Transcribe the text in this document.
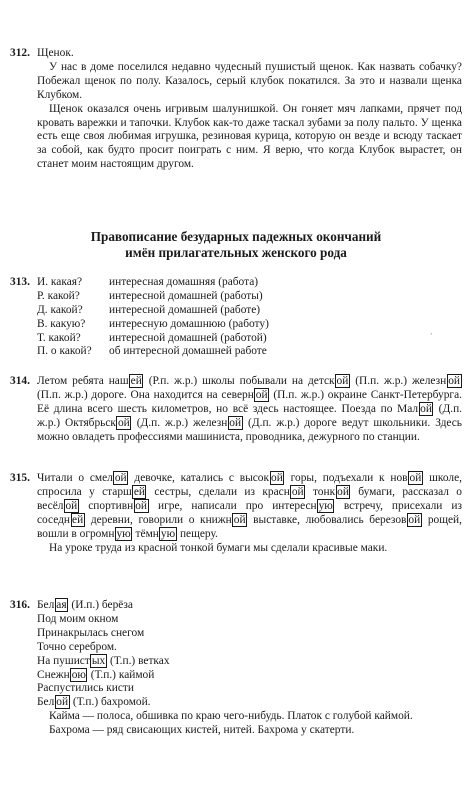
312. Щенок.

У нас в доме поселился недавно чудесный пушистый щенок. Как назвать собачку? Побежал щенок по полу. Казалось, серый клубок покатился. За это и назвали щенка Клубком.

Щенок оказался очень игривым шалунишкой. Он гоняет мяч лапками, прячет под кровать варежки и тапочки. Клубок как-то даже таскал зубами за полу пальто. У щенка есть еще своя любимая игрушка, резиновая курица, которую он везде и всюду таскает за собой, как будто просит поиграть с ним. Я верю, что когда Клубок вырастет, он станет моим настоящим другом.

Правописание безударных падежных окончаний
имён прилагательных женского рода
313. И. какая?	интересная домашняя (работа)
Р. какой?	интересной домашней (работы)
Д. какой?	интересной домашней (работе)
В. какую?	интересную домашнюю (работу)
Т. какой?	интересной домашней (работой)
П. о какой?	об интересной домашней работе
ˑ
314. Летом ребята наш ей (Р.п. ж.р.) школы побывали на детск ой (П.п. ж.р.) железн ой (П.п. ж.р.) дороге. Она находится на северн ой (П.п. ж.р.) окраине Санкт-Петербурга. Её длина всего шесть километров, но всё здесь настоящее. Поезда по Мал ой (Д.п. ж.р.) Октябрьск ой (Д.п. ж.р.) железн ой (Д.п. ж.р.) дороге ведут школьники. Здесь можно овладеть профессиями машиниста, проводника, дежурного по станции.

315. Читали о смел ой девочке, катались с высок ой горы, подъехали к нов ой школе, спросила у старш ей сестры, сделали из красн ой тонк ой бумаги, рассказал о весёл ой спортивн ой игре, написали про интересн ую встречу, присехали из соседн ей деревни, говорили о книжн ой выставке, любовались березов ой рощей, вошли в огромн ую тёмн ую пещеру.

На уроке труда из красной тонкой бумаги мы сделали красивые маки.

316. Бел ая (И.п.) берёза

Под моим окном

Принакрылась снегом

Точно серебром.

На пушист ых (Т.п.) ветках

Снежн ою (Т.п.) каймой

Распустились кисти

Бел ой (Т.п.) бахромой.

Кайма — полоса, обшивка по краю чего-нибудь. Платок с голубой каймой.

Бахрома — ряд свисающих кистей, нитей. Бахрома у скатерти.
